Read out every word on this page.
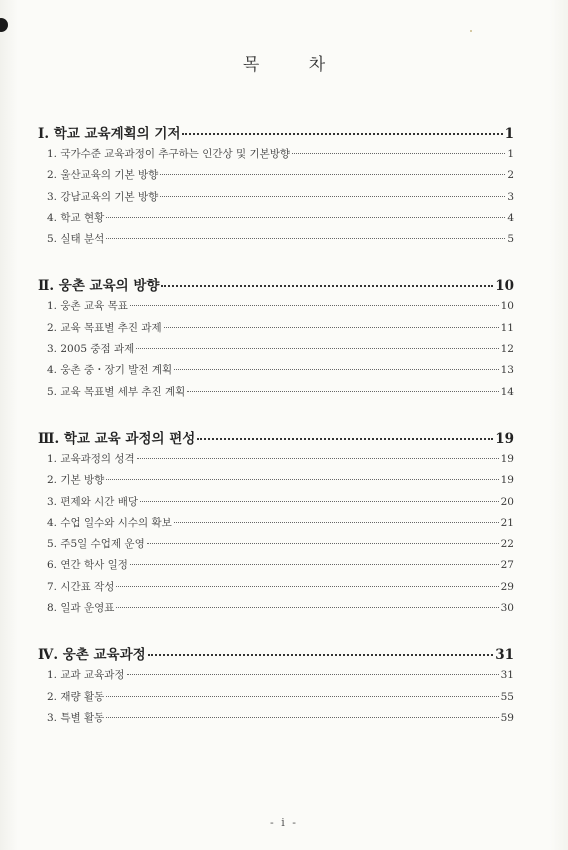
목 차
Ⅰ. 학교 교육계획의 기저	1
1. 국가수준 교육과정이 추구하는 인간상 및 기본방향	1
2. 울산교육의 기본 방향	2
3. 강남교육의 기본 방향	3
4. 학교 현황	4
5. 실태 분석	5
Ⅱ. 웅촌 교육의 방향	10
1. 웅촌 교육 목표	10
2. 교육 목표별 추진 과제	11
3. 2005 중점 과제	12
4. 웅촌 중・장기 발전 계획	13
5. 교육 목표별 세부 추진 계획	14
Ⅲ. 학교 교육 과정의 편성	19
1. 교육과정의 성격	19
2. 기본 방향	19
3. 편제와 시간 배당	20
4. 수업 일수와 시수의 확보	21
5. 주5일 수업제 운영	22
6. 연간 학사 일정	27
7. 시간표 작성	29
8. 일과 운영표	30
Ⅳ. 웅촌 교육과정	31
1. 교과 교육과정	31
2. 재량 활동	55
3. 특별 활동	59
- i -
